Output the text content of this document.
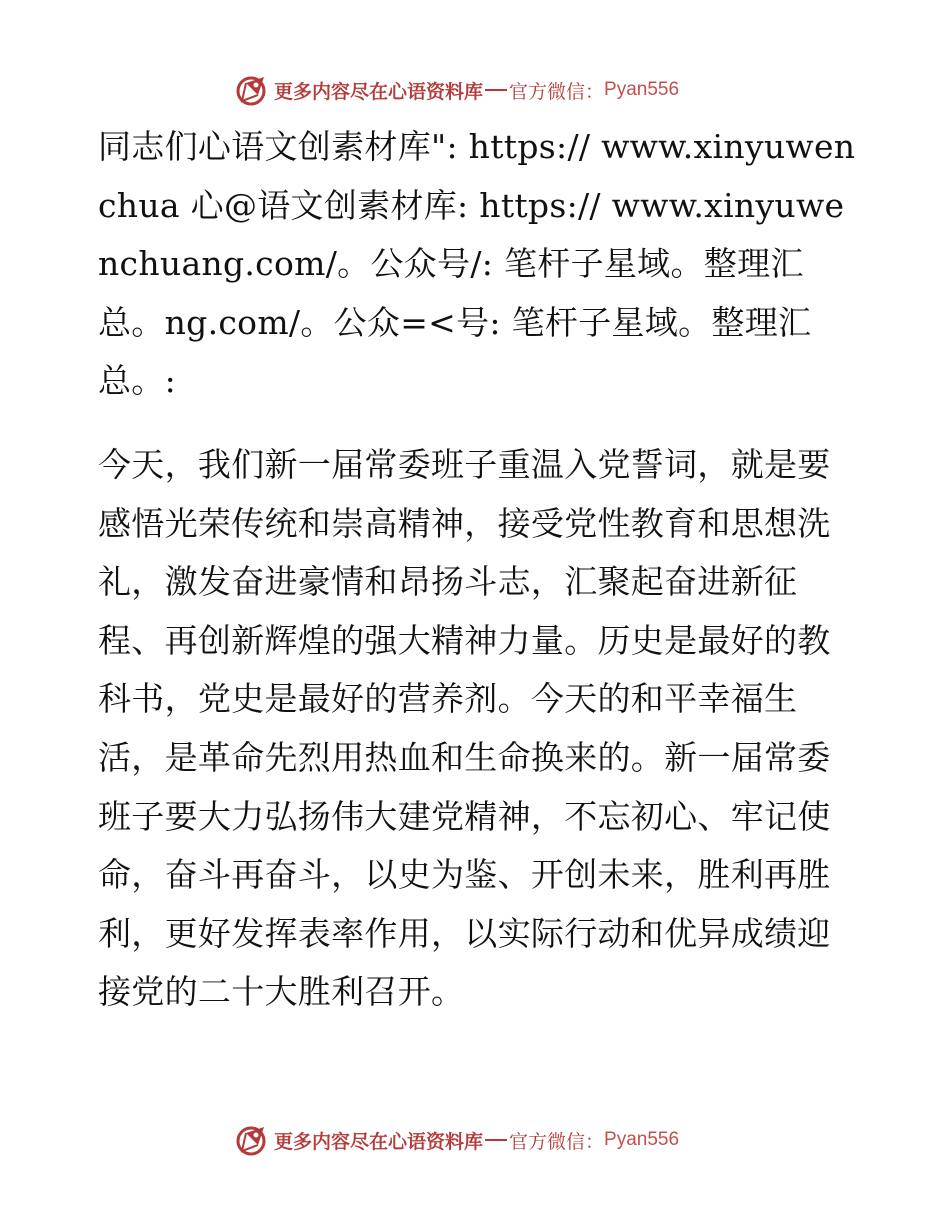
更多内容尽在心语资料库 官方微信： Pyan556

同志们心语文创素材库": https:// www.xinyuwenchua 心@语文创素材库: https:// www.xinyuwenchuang.com/。公众号/: 笔杆子星域。整理汇总。ng.com/。公众=<号: 笔杆子星域。整理汇总。:

今天，我们新一届常委班子重温入党誓词，就是要感悟光荣传统和崇高精神，接受党性教育和思想洗礼，激发奋进豪情和昂扬斗志，汇聚起奋进新征程、再创新辉煌的强大精神力量。历史是最好的教科书，党史是最好的营养剂。今天的和平幸福生活，是革命先烈用热血和生命换来的。新一届常委班子要大力弘扬伟大建党精神，不忘初心、牢记使命，奋斗再奋斗，以史为鉴、开创未来，胜利再胜利，更好发挥表率作用，以实际行动和优异成绩迎接党的二十大胜利召开。

更多内容尽在心语资料库 官方微信： Pyan556
